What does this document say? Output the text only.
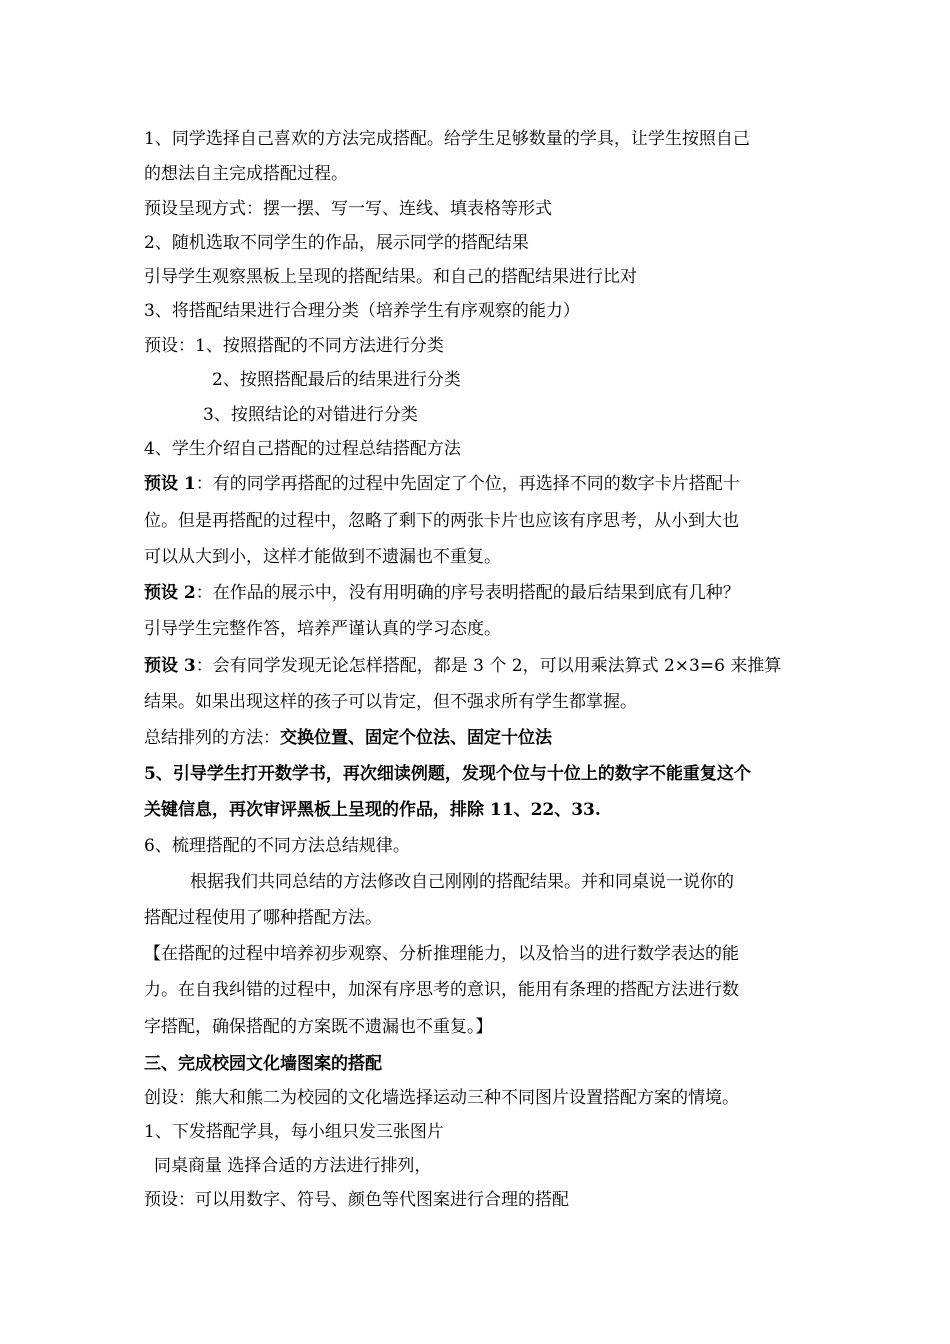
1、同学选择自己喜欢的方法完成搭配。给学生足够数量的学具，让学生按照自己
的想法自主完成搭配过程。
预设呈现方式：摆一摆、写一写、连线、填表格等形式
2、随机选取不同学生的作品，展示同学的搭配结果
引导学生观察黑板上呈现的搭配结果。和自己的搭配结果进行比对
3、将搭配结果进行合理分类（培养学生有序观察的能力）
预设：1、按照搭配的不同方法进行分类
2、按照搭配最后的结果进行分类
3、按照结论的对错进行分类
4、学生介绍自己搭配的过程总结搭配方法
预设 1：有的同学再搭配的过程中先固定了个位，再选择不同的数字卡片搭配十
位。但是再搭配的过程中，忽略了剩下的两张卡片也应该有序思考，从小到大也
可以从大到小，这样才能做到不遗漏也不重复。
预设 2：在作品的展示中，没有用明确的序号表明搭配的最后结果到底有几种？
引导学生完整作答，培养严谨认真的学习态度。
预设 3：会有同学发现无论怎样搭配，都是 3 个 2，可以用乘法算式 2×3=6 来推算
结果。如果出现这样的孩子可以肯定，但不强求所有学生都掌握。
总结排列的方法：交换位置、固定个位法、固定十位法
5、引导学生打开数学书，再次细读例题，发现个位与十位上的数字不能重复这个
关键信息，再次审评黑板上呈现的作品，排除 11、22、33.
6、梳理搭配的不同方法总结规律。
根据我们共同总结的方法修改自己刚刚的搭配结果。并和同桌说一说你的
搭配过程使用了哪种搭配方法。
【在搭配的过程中培养初步观察、分析推理能力，以及恰当的进行数学表达的能
力。在自我纠错的过程中，加深有序思考的意识，能用有条理的搭配方法进行数
字搭配，确保搭配的方案既不遗漏也不重复。】
三、完成校园文化墙图案的搭配
创设：熊大和熊二为校园的文化墙选择运动三种不同图片设置搭配方案的情境。
1、下发搭配学具，每小组只发三张图片
同桌商量 选择合适的方法进行排列，
预设：可以用数字、符号、颜色等代图案进行合理的搭配
